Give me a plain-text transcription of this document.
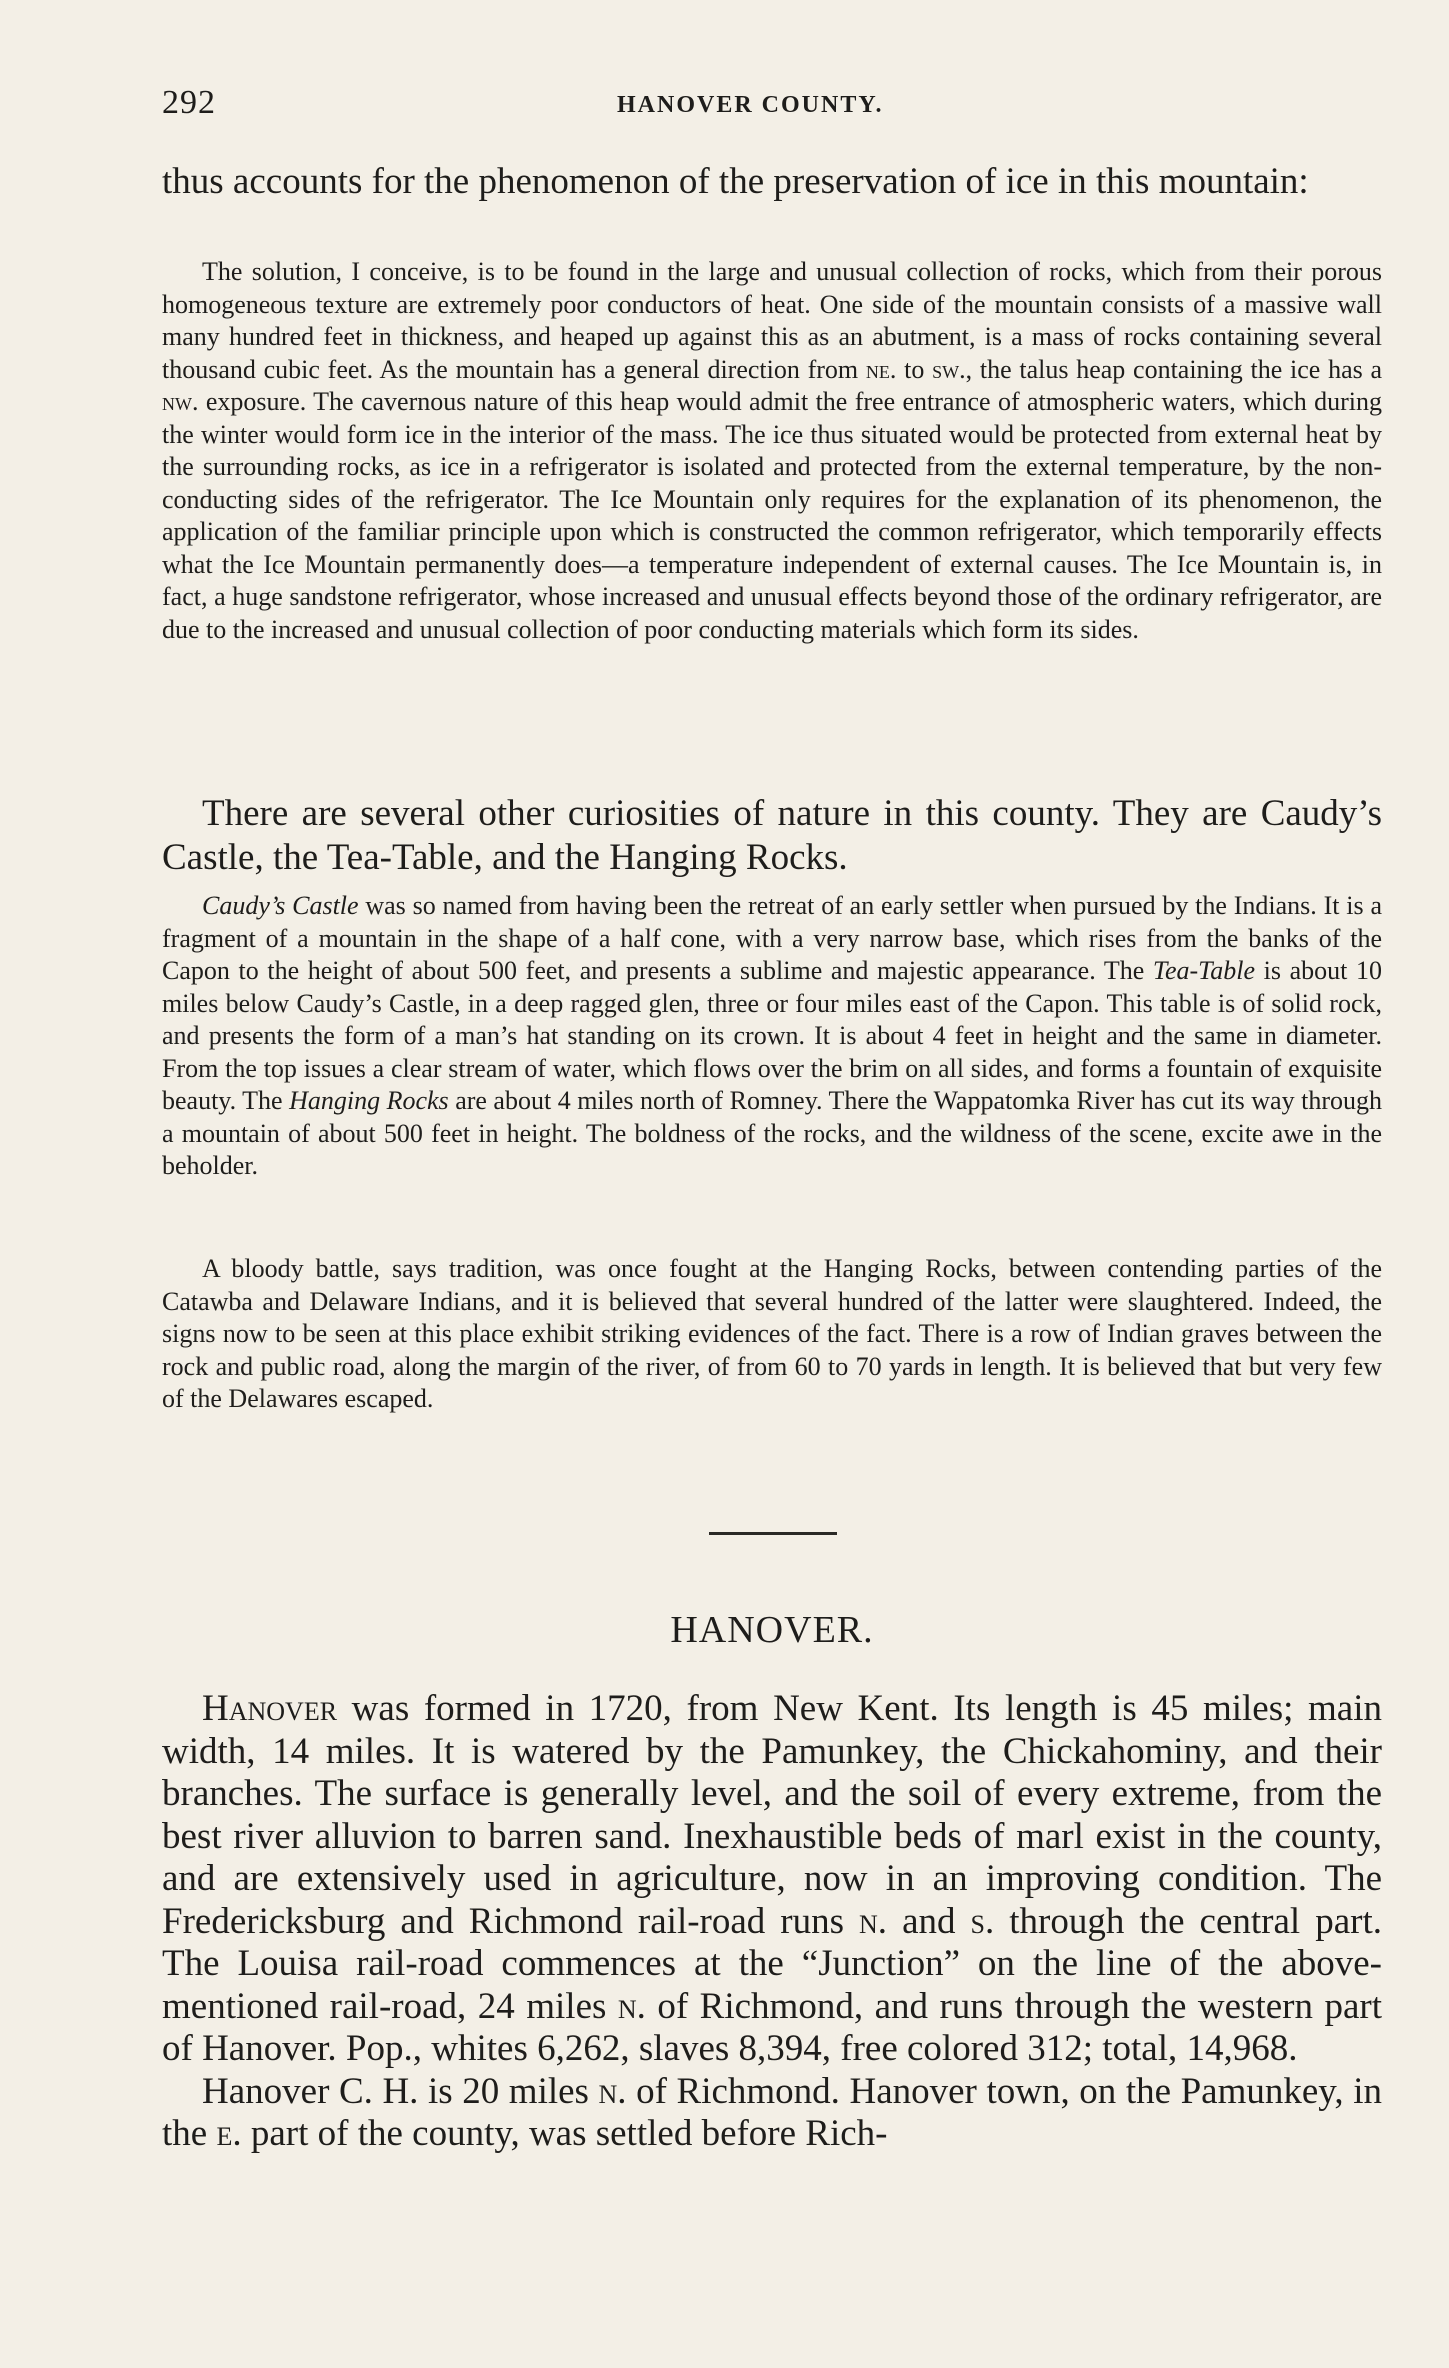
292	HANOVER COUNTY.

thus accounts for the phenomenon of the preservation of ice in this mountain:

The solution, I conceive, is to be found in the large and unusual collection of rocks, which from their porous homogeneous texture are extremely poor conductors of heat. One side of the mountain consists of a massive wall many hundred feet in thickness, and heaped up against this as an abutment, is a mass of rocks containing several thousand cubic feet. As the mountain has a general direction from ne. to sw., the talus heap containing the ice has a nw. exposure. The cavernous nature of this heap would admit the free entrance of atmospheric waters, which during the winter would form ice in the interior of the mass. The ice thus situated would be protected from external heat by the surrounding rocks, as ice in a refrigerator is isolated and protected from the external temperature, by the non-conducting sides of the refrigerator. The Ice Mountain only requires for the explanation of its phenomenon, the application of the familiar principle upon which is constructed the common refrigerator, which temporarily effects what the Ice Mountain permanently does—a temperature independent of external causes. The Ice Mountain is, in fact, a huge sandstone refrigerator, whose increased and unusual effects beyond those of the ordinary refrigerator, are due to the increased and unusual collection of poor conducting materials which form its sides.

There are several other curiosities of nature in this county. They are Caudy’s Castle, the Tea-Table, and the Hanging Rocks.

Caudy’s Castle was so named from having been the retreat of an early settler when pursued by the Indians. It is a fragment of a mountain in the shape of a half cone, with a very narrow base, which rises from the banks of the Capon to the height of about 500 feet, and presents a sublime and majestic appearance. The Tea-Table is about 10 miles below Caudy’s Castle, in a deep ragged glen, three or four miles east of the Capon. This table is of solid rock, and presents the form of a man’s hat standing on its crown. It is about 4 feet in height and the same in diameter. From the top issues a clear stream of water, which flows over the brim on all sides, and forms a fountain of exquisite beauty. The Hanging Rocks are about 4 miles north of Romney. There the Wappatomka River has cut its way through a mountain of about 500 feet in height. The boldness of the rocks, and the wildness of the scene, excite awe in the beholder.

A bloody battle, says tradition, was once fought at the Hanging Rocks, between contending parties of the Catawba and Delaware Indians, and it is believed that several hundred of the latter were slaughtered. Indeed, the signs now to be seen at this place exhibit striking evidences of the fact. There is a row of Indian graves between the rock and public road, along the margin of the river, of from 60 to 70 yards in length. It is believed that but very few of the Delawares escaped.

HANOVER.

Hanover was formed in 1720, from New Kent. Its length is 45 miles; main width, 14 miles. It is watered by the Pamunkey, the Chickahominy, and their branches. The surface is generally level, and the soil of every extreme, from the best river alluvion to barren sand. Inexhaustible beds of marl exist in the county, and are extensively used in agriculture, now in an improving condition. The Fredericksburg and Richmond rail-road runs n. and s. through the central part. The Louisa rail-road commences at the “Junction” on the line of the above-mentioned rail-road, 24 miles n. of Richmond, and runs through the western part of Hanover. Pop., whites 6,262, slaves 8,394, free colored 312; total, 14,968.

Hanover C. H. is 20 miles n. of Richmond. Hanover town, on the Pamunkey, in the e. part of the county, was settled before Rich-
